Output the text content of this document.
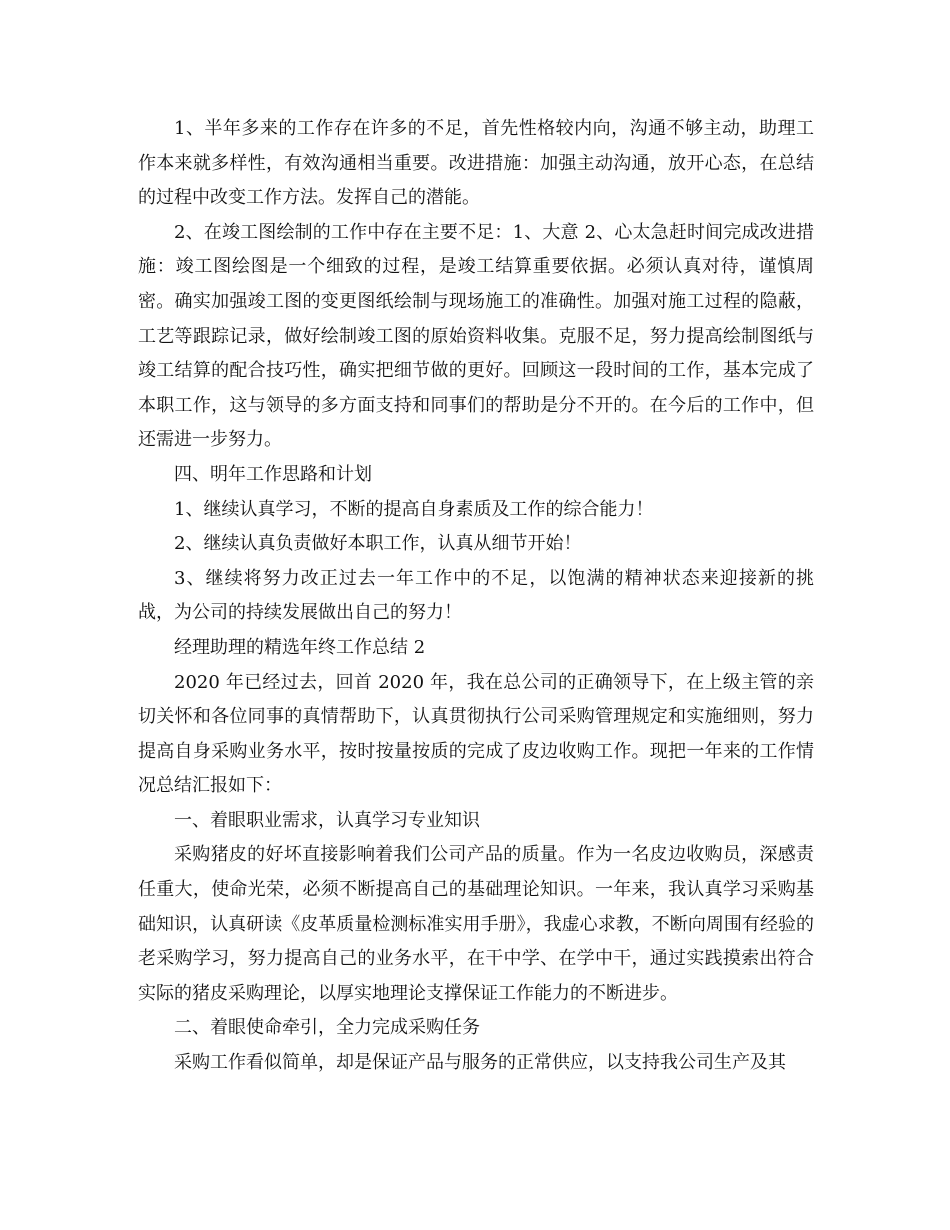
1、半年多来的工作存在许多的不足，首先性格较内向，沟通不够主动，助理工作本来就多样性，有效沟通相当重要。改进措施：加强主动沟通，放开心态，在总结的过程中改变工作方法。发挥自己的潜能。

2、在竣工图绘制的工作中存在主要不足：1、大意 2、心太急赶时间完成改进措施：竣工图绘图是一个细致的过程，是竣工结算重要依据。必须认真对待，谨慎周密。确实加强竣工图的变更图纸绘制与现场施工的准确性。加强对施工过程的隐蔽，工艺等跟踪记录，做好绘制竣工图的原始资料收集。克服不足，努力提高绘制图纸与竣工结算的配合技巧性，确实把细节做的更好。回顾这一段时间的工作，基本完成了本职工作，这与领导的多方面支持和同事们的帮助是分不开的。在今后的工作中，但还需进一步努力。

四、明年工作思路和计划

1、继续认真学习，不断的提高自身素质及工作的综合能力！

2、继续认真负责做好本职工作，认真从细节开始！

3、继续将努力改正过去一年工作中的不足，以饱满的精神状态来迎接新的挑战，为公司的持续发展做出自己的努力！

经理助理的精选年终工作总结 2

2020 年已经过去，回首 2020 年，我在总公司的正确领导下，在上级主管的亲切关怀和各位同事的真情帮助下，认真贯彻执行公司采购管理规定和实施细则，努力提高自身采购业务水平，按时按量按质的完成了皮边收购工作。现把一年来的工作情况总结汇报如下：

一、着眼职业需求，认真学习专业知识

采购猪皮的好坏直接影响着我们公司产品的质量。作为一名皮边收购员，深感责任重大，使命光荣，必须不断提高自己的基础理论知识。一年来，我认真学习采购基础知识，认真研读《皮革质量检测标准实用手册》，我虚心求教，不断向周围有经验的老采购学习，努力提高自己的业务水平，在干中学、在学中干，通过实践摸索出符合实际的猪皮采购理论，以厚实地理论支撑保证工作能力的不断进步。

二、着眼使命牵引，全力完成采购任务

采购工作看似简单，却是保证产品与服务的正常供应，以支持我公司生产及其
